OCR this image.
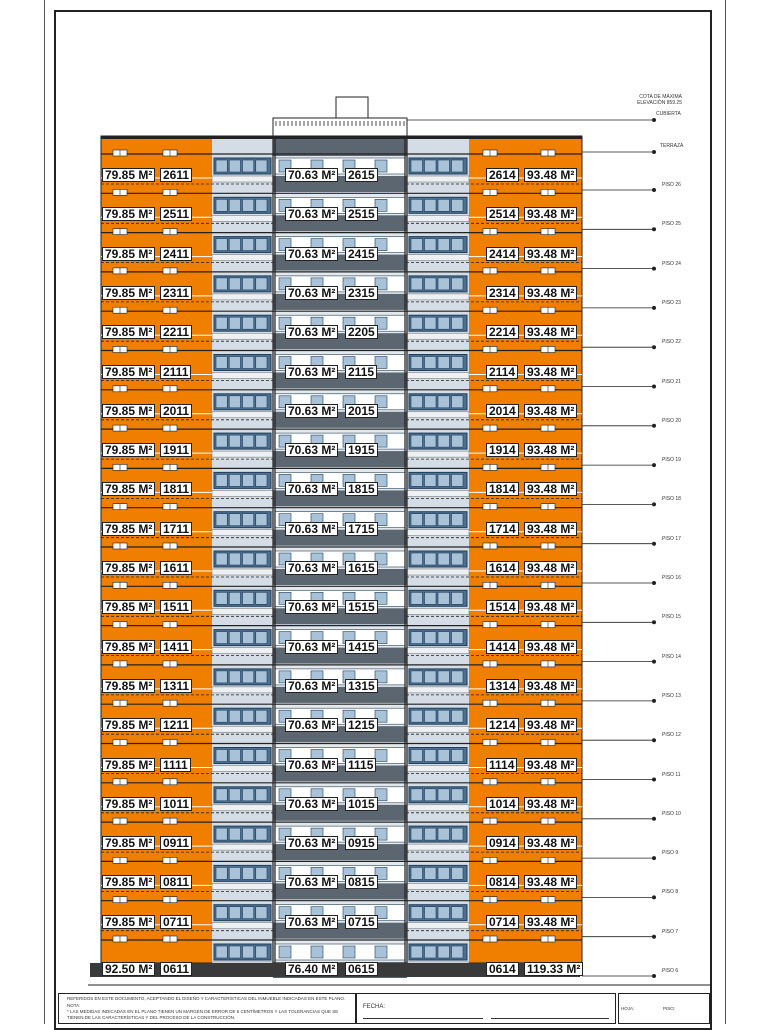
79.85 M² 2611	70.63 M² 2615	2614 93.48 M²
79.85 M² 2511	70.63 M² 2515	2514 93.48 M²
79.85 M² 2411	70.63 M² 2415	2414 93.48 M²
79.85 M² 2311	70.63 M² 2315	2314 93.48 M²
79.85 M² 2211	70.63 M² 2205	2214 93.48 M²
79.85 M² 2111	70.63 M² 2115	2114 93.48 M²
79.85 M² 2011	70.63 M² 2015	2014 93.48 M²
79.85 M² 1911	70.63 M² 1915	1914 93.48 M²
79.85 M² 1811	70.63 M² 1815	1814 93.48 M²
79.85 M² 1711	70.63 M² 1715	1714 93.48 M²
79.85 M² 1611	70.63 M² 1615	1614 93.48 M²
79.85 M² 1511	70.63 M² 1515	1514 93.48 M²
79.85 M² 1411	70.63 M² 1415	1414 93.48 M²
79.85 M² 1311	70.63 M² 1315	1314 93.48 M²
79.85 M² 1211	70.63 M² 1215	1214 93.48 M²
79.85 M² 1111	70.63 M² 1115	1114 93.48 M²
79.85 M² 1011	70.63 M² 1015	1014 93.48 M²
79.85 M² 0911	70.63 M² 0915	0914 93.48 M²
79.85 M² 0811	70.63 M² 0815	0814 93.48 M²
79.85 M² 0711	70.63 M² 0715	0714 93.48 M²
92.50 M² 0611	76.40 M² 0615	0614 119.33 M²
PISO 26
PISO 25
PISO 24
PISO 23
PISO 22
PISO 21
PISO 20
PISO 19
PISO 18
PISO 17
PISO 16
PISO 15
PISO 14
PISO 13
PISO 12
PISO 11
PISO 10
PISO 9
PISO 8
PISO 7
PISO 6
COTA DE MÁXIMA
ELEVACIÓN 859.25
CUBIERTA
TERRAZA
REFERIDOS EN ESTE DOCUMENTO, ACEPTANDO EL DISEÑO Y CARACTERÍSTICAS DEL INMUEBLE INDICADAS EN ESTE PLANO.
NOTA:
* LAS MEDIDAS INDICADAS EN EL PLANO TIENEN UN MARGEN DE ERROR DE 5 CENTÍMETROS Y LAS TOLERANCIAS QUE SE TIENEN DE LAS CARACTERÍSTICAS Y DEL PROCESO DE LA CONSTRUCCIÓN.
FECHA:	HOJA:	PISO:
